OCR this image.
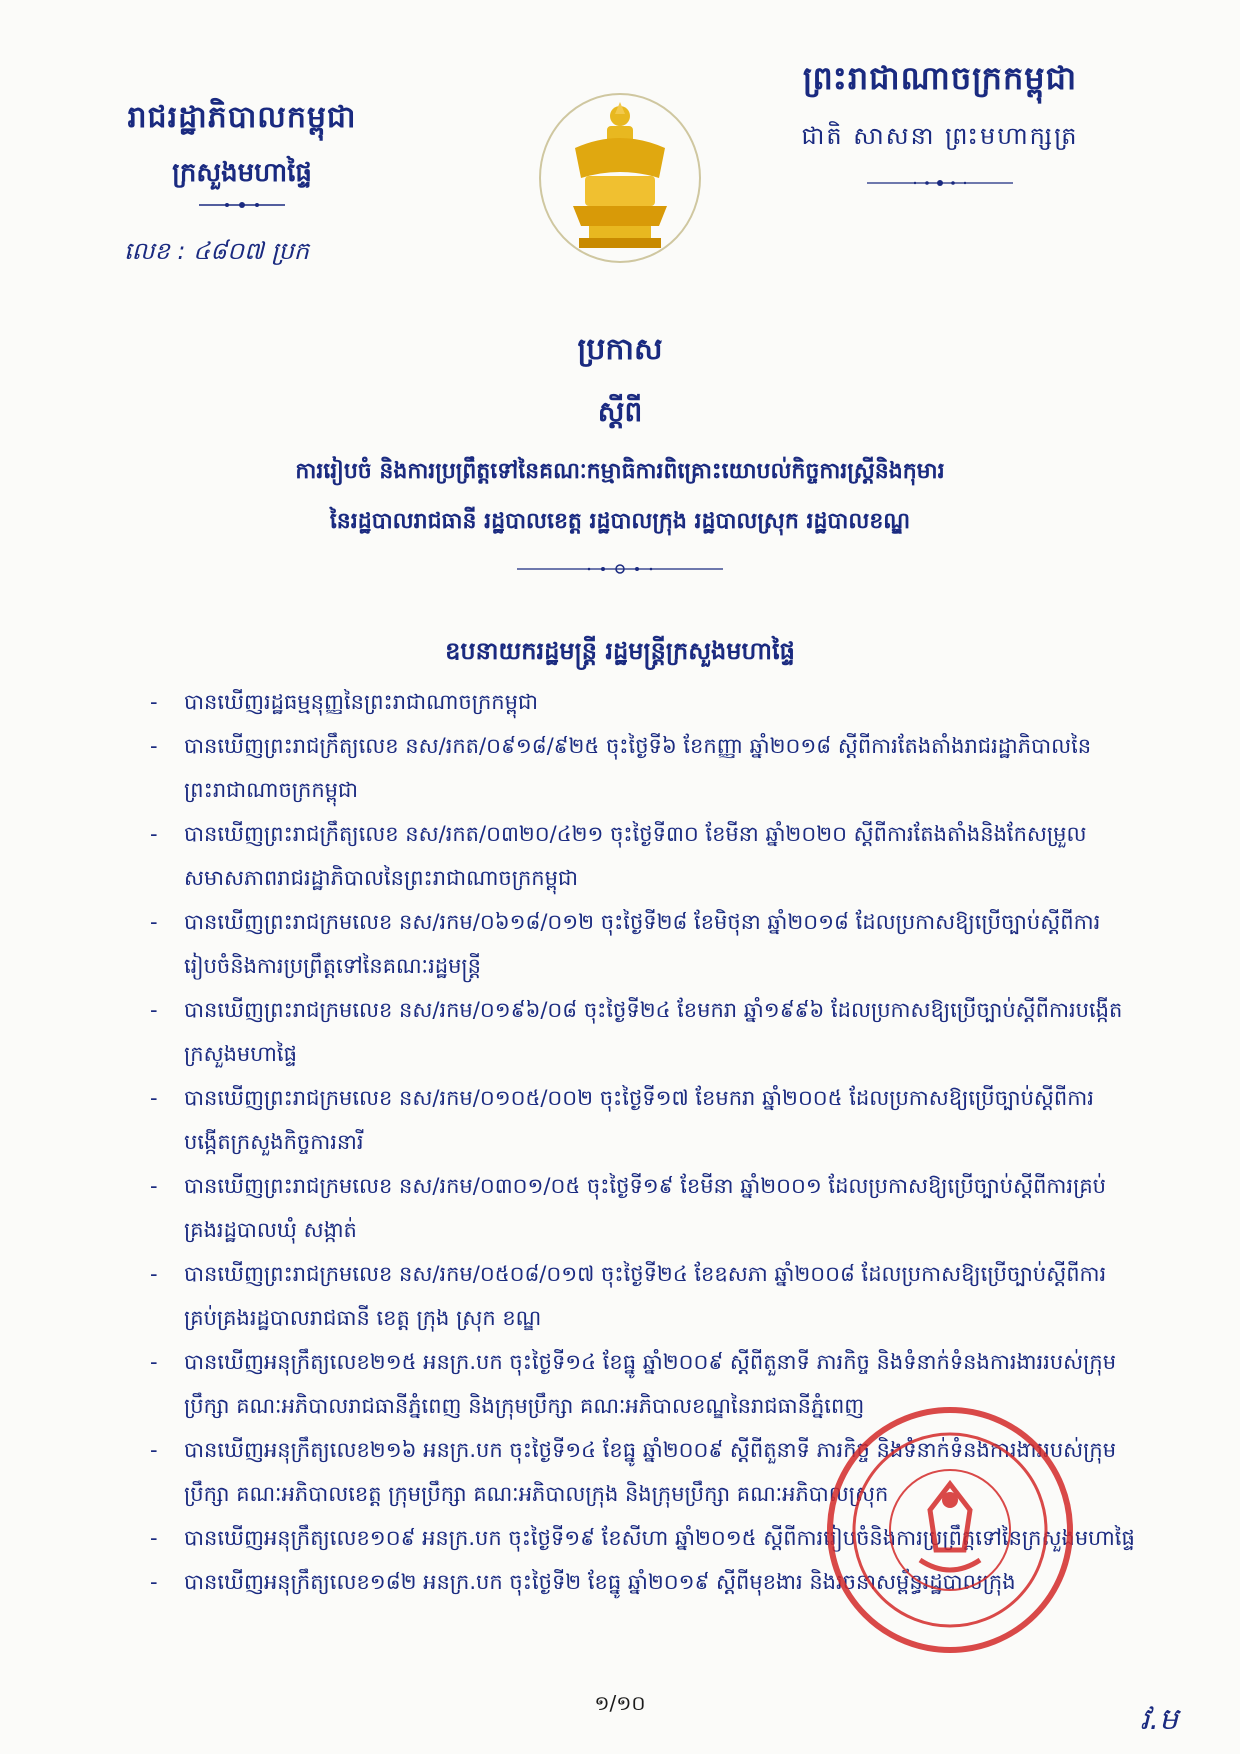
រាជរដ្ឋាភិបាលកម្ពុជា
ក្រសួងមហាផ្ទៃ
លេខ : ៤៨០៧ ប្រក
ព្រះរាជាណាចក្រកម្ពុជា
ជាតិ សាសនា ព្រះមហាក្សត្រ
ប្រកាស
ស្តីពី
ការរៀបចំ និងការប្រព្រឹត្តទៅនៃគណៈកម្មាធិការពិគ្រោះយោបល់កិច្ចការស្ត្រីនិងកុមារ
នៃរដ្ឋបាលរាជធានី រដ្ឋបាលខេត្ត រដ្ឋបាលក្រុង រដ្ឋបាលស្រុក រដ្ឋបាលខណ្ឌ
ឧបនាយករដ្ឋមន្ត្រី រដ្ឋមន្ត្រីក្រសួងមហាផ្ទៃ
- បានឃើញរដ្ឋធម្មនុញ្ញនៃព្រះរាជាណាចក្រកម្ពុជា
- បានឃើញព្រះរាជក្រឹត្យលេខ នស/រកត/០៩១៨/៩២៥ ចុះថ្ងៃទី៦ ខែកញ្ញា ឆ្នាំ២០១៨ ស្តីពីការតែងតាំងរាជរដ្ឋាភិបាលនៃព្រះរាជាណាចក្រកម្ពុជា
- បានឃើញព្រះរាជក្រឹត្យលេខ នស/រកត/០៣២០/៤២១ ចុះថ្ងៃទី៣០ ខែមីនា ឆ្នាំ២០២០ ស្តីពីការតែងតាំងនិងកែសម្រួលសមាសភាពរាជរដ្ឋាភិបាលនៃព្រះរាជាណាចក្រកម្ពុជា
- បានឃើញព្រះរាជក្រមលេខ នស/រកម/០៦១៨/០១២ ចុះថ្ងៃទី២៨ ខែមិថុនា ឆ្នាំ២០១៨ ដែលប្រកាសឱ្យប្រើច្បាប់ស្តីពីការរៀបចំនិងការប្រព្រឹត្តទៅនៃគណៈរដ្ឋមន្ត្រី
- បានឃើញព្រះរាជក្រមលេខ នស/រកម/០១៩៦/០៨ ចុះថ្ងៃទី២៤ ខែមករា ឆ្នាំ១៩៩៦ ដែលប្រកាសឱ្យប្រើច្បាប់ស្តីពីការបង្កើតក្រសួងមហាផ្ទៃ
- បានឃើញព្រះរាជក្រមលេខ នស/រកម/០១០៥/០០២ ចុះថ្ងៃទី១៧ ខែមករា ឆ្នាំ២០០៥ ដែលប្រកាសឱ្យប្រើច្បាប់ស្តីពីការបង្កើតក្រសួងកិច្ចការនារី
- បានឃើញព្រះរាជក្រមលេខ នស/រកម/០៣០១/០៥ ចុះថ្ងៃទី១៩ ខែមីនា ឆ្នាំ២០០១ ដែលប្រកាសឱ្យប្រើច្បាប់ស្តីពីការគ្រប់គ្រងរដ្ឋបាលឃុំ សង្កាត់
- បានឃើញព្រះរាជក្រមលេខ នស/រកម/០៥០៨/០១៧ ចុះថ្ងៃទី២៤ ខែឧសភា ឆ្នាំ២០០៨ ដែលប្រកាសឱ្យប្រើច្បាប់ស្តីពីការគ្រប់គ្រងរដ្ឋបាលរាជធានី ខេត្ត ក្រុង ស្រុក ខណ្ឌ
- បានឃើញអនុក្រឹត្យលេខ២១៥ អនក្រ.បក ចុះថ្ងៃទី១៤ ខែធ្នូ ឆ្នាំ២០០៩ ស្តីពីតួនាទី ភារកិច្ច និងទំនាក់ទំនងការងាររបស់ក្រុមប្រឹក្សា គណៈអភិបាលរាជធានីភ្នំពេញ និងក្រុមប្រឹក្សា គណៈអភិបាលខណ្ឌនៃរាជធានីភ្នំពេញ
- បានឃើញអនុក្រឹត្យលេខ២១៦ អនក្រ.បក ចុះថ្ងៃទី១៤ ខែធ្នូ ឆ្នាំ២០០៩ ស្តីពីតួនាទី ភារកិច្ច និងទំនាក់ទំនងការងាររបស់ក្រុមប្រឹក្សា គណៈអភិបាលខេត្ត ក្រុមប្រឹក្សា គណៈអភិបាលក្រុង និងក្រុមប្រឹក្សា គណៈអភិបាលស្រុក
- បានឃើញអនុក្រឹត្យលេខ១០៩ អនក្រ.បក ចុះថ្ងៃទី១៩ ខែសីហា ឆ្នាំ២០១៥ ស្តីពីការរៀបចំនិងការប្រព្រឹត្តទៅនៃក្រសួងមហាផ្ទៃ
- បានឃើញអនុក្រឹត្យលេខ១៨២ អនក្រ.បក ចុះថ្ងៃទី២ ខែធ្នូ ឆ្នាំ២០១៩ ស្តីពីមុខងារ និងរចនាសម្ព័ន្ធរដ្ឋបាលក្រុង
១/១០	វ.ម
